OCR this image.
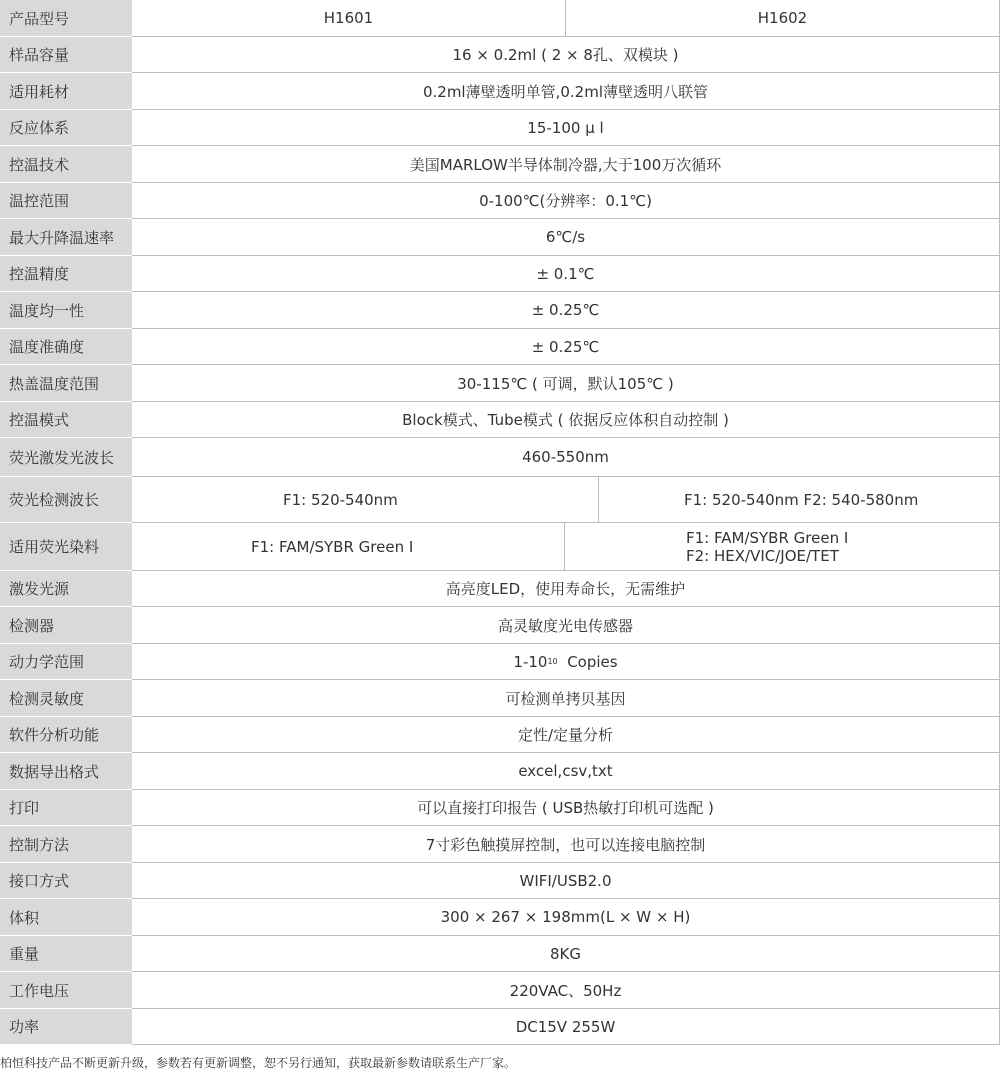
产品型号	H1601	H1602
样品容量	16 × 0.2ml ( 2 × 8孔、双模块 )
适用耗材	0.2ml薄壁透明单管,0.2ml薄壁透明八联管
反应体系	15-100 µ l
控温技术	美国MARLOW半导体制冷器,大于100万次循环
温控范围	0-100℃(分辨率：0.1℃)
最大升降温速率	6℃/s
控温精度	± 0.1℃
温度均一性	± 0.25℃
温度准确度	± 0.25℃
热盖温度范围	30-115℃ ( 可调，默认105℃ )
控温模式	Block模式、Tube模式 ( 依据反应体积自动控制 )
荧光激发光波长	460-550nm
荧光检测波长	F1: 520-540nm	F1: 520-540nm F2: 540-580nm
适用荧光染料	F1: FAM/SYBR Green I	F1: FAM/SYBR Green I
F2: HEX/VIC/JOE/TET
激发光源	高亮度LED，使用寿命长，无需维护
检测器	高灵敏度光电传感器
动力学范围	1-10 10
Copies
检测灵敏度	可检测单拷贝基因
软件分析功能	定性/定量分析
数据导出格式	excel,csv,txt
打印	可以直接打印报告 ( USB热敏打印机可选配 )
控制方法	7寸彩色触摸屏控制，也可以连接电脑控制
接口方式	WIFI/USB2.0
体积	300 × 267 × 198mm(L × W × H)
重量	8KG
工作电压	220VAC、50Hz
功率	DC15V 255W
柏恒科技产品不断更新升级，参数若有更新调整，恕不另行通知，获取最新参数请联系生产厂家。
